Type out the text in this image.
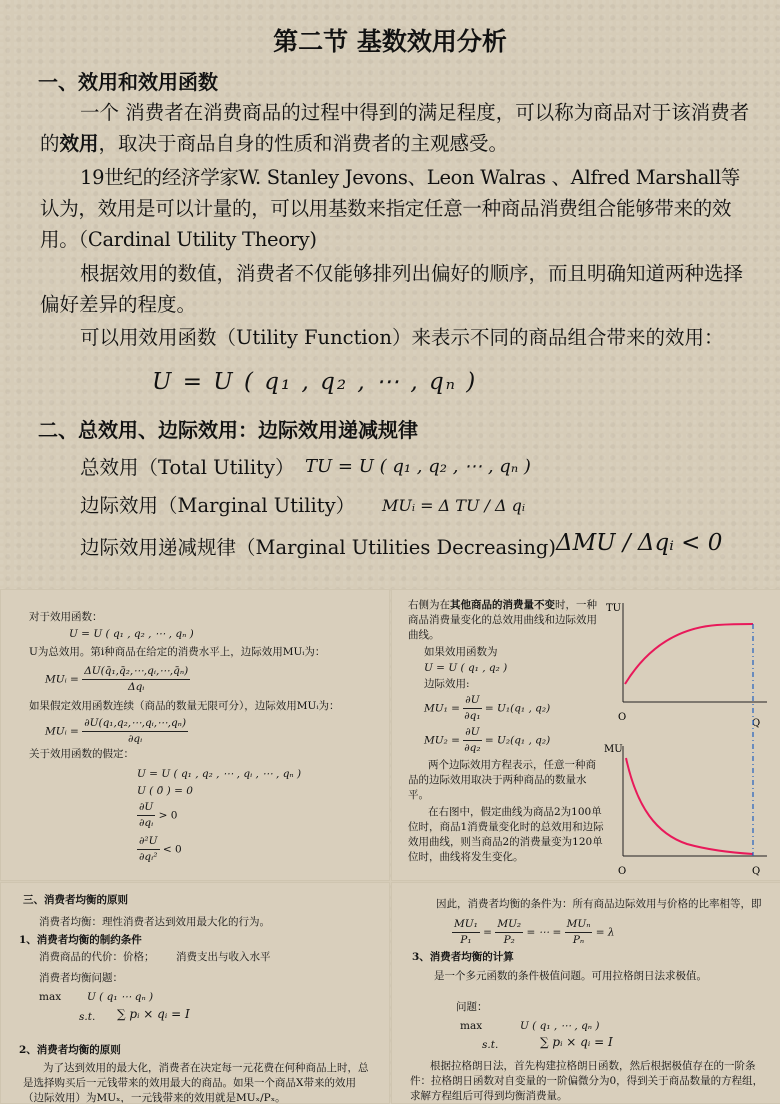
第二节 基数效用分析
一、效用和效用函数
一个 消费者在消费商品的过程中得到的满足程度，可以称为商品对于该消费者的效用，取决于商品自身的性质和消费者的主观感受。
19世纪的经济学家W. Stanley Jevons、Leon Walras 、Alfred Marshall等认为，效用是可以计量的，可以用基数来指定任意一种商品消费组合能够带来的效用。（Cardinal Utility Theory)
根据效用的数值，消费者不仅能够排列出偏好的顺序，而且明确知道两种选择偏好差异的程度。
可以用效用函数（Utility Function）来表示不同的商品组合带来的效用：
U = U ( q₁ , q₂ , ⋯ , qₙ )
二、总效用、边际效用：边际效用递减规律
总效用（Total Utility） TU = U ( q₁ , q₂ , ⋯ , qₙ )
边际效用（Marginal Utility） MUᵢ = Δ TU / Δ qᵢ
边际效用递减规律（Marginal Utilities Decreasing) ΔMU / Δqᵢ < 0
对于效用函数：
U = U ( q₁ , q₂ , ⋯ , qₙ )
U为总效用。第i种商品在给定的消费水平上，边际效用MUᵢ为：
MUᵢ = $\frac{\text{ΔU(q̄₁,q̄₂,⋯,qᵢ,⋯,q̄ₙ)}}{\text{Δqᵢ}}$
如果假定效用函数连续（商品的数量无限可分），边际效用MUᵢ为：
MUᵢ = $\frac{\text{∂U(q₁,q₂,⋯,qᵢ,⋯,qₙ)}}{\text{∂qᵢ}}$
关于效用函数的假定：
U = U ( q₁ , q₂ , ⋯ , qᵢ , ⋯ , qₙ )
U ( 0̄ ) = 0
$\frac{\partial U}{\text{∂qᵢ}} > 0$
$\frac{\text{∂²U}}{\text{∂qᵢ²}} < 0$
右侧为在其他商品的消费量不变时，一种商品消费量变化的总效用曲线和边际效用曲线。
如果效用函数为
U = U ( q₁ , q₂ )
边际效用:
$MU_1 = \frac{\partial U}{\text{∂q₁}} = U_1(q_1$ , q₂)
$MU_2 = \frac{\partial U}{\text{∂q₂}} = U_2(q_1$ , q₂)
两个边际效用方程表示，任意一种商品的边际效用取决于两种商品的数量水平。
在右图中，假定曲线为商品2为100单位时，商品1消费量变化时的总效用和边际效用曲线，则当商品2的消费量变为120单位时，曲线将发生变化。
TU
O
Q
MU
O	Q
三、消费者均衡的原则
消费者均衡：理性消费者达到效用最大化的行为。
1、消费者均衡的制约条件
消费商品的代价：价格； 消费支出与收入水平
消费者均衡问题：
max U ( q₁ ⋯ qₙ )
s.t. ∑ pᵢ × qᵢ = I
2、消费者均衡的原则
为了达到效用的最大化，消费者在决定每一元花费在何种商品上时，总是选择购买后一元钱带来的效用最大的商品。如果一个商品X带来的效用（边际效用）为MUₓ，一元钱带来的效用就是MUₓ/Pₓ。
因此，消费者均衡的条件为：所有商品边际效用与价格的比率相等，即
$\frac{\text{MU₁}}{\text{P₁}} = \frac{\text{MU₂}}{\text{P₂}}$ = ⋯ = $\frac{\text{MUₙ}}{\text{Pₙ}} = \lambda$
3、消费者均衡的计算
是一个多元函数的条件极值问题。可用拉格朗日法求极值。
问题：
max	U ( q₁ , ⋯ , qₙ )
s.t.	∑ pᵢ × qᵢ = I
根据拉格朗日法，首先构建拉格朗日函数，然后根据极值存在的一阶条件：拉格朗日函数对自变量的一阶偏微分为0，得到关于商品数量的方程组，求解方程组后可得到均衡消费量。
